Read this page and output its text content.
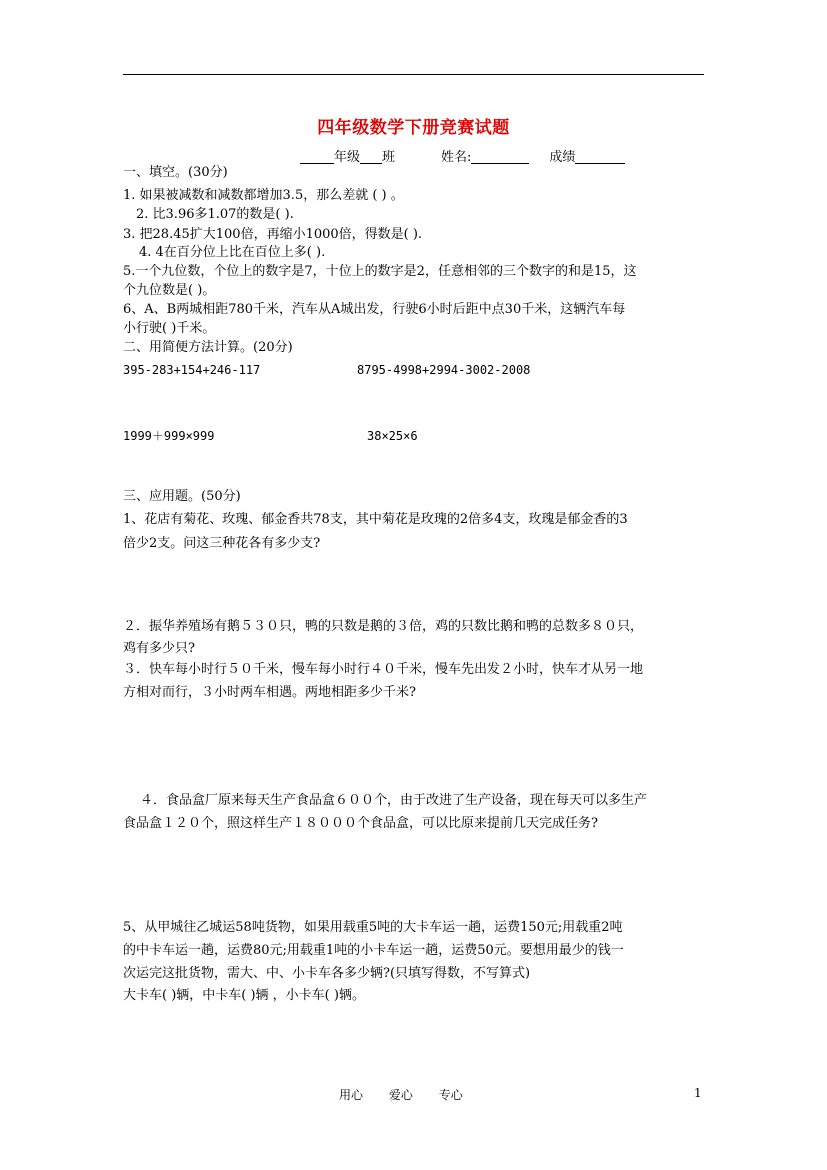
四年级数学下册竞赛试题
年级 班	姓名:	成绩
一、填空。(30分)
1. 如果被减数和减数都增加3.5，那么差就 ( ) 。
2. 比3.96多1.07的数是( ).
3. 把28.45扩大100倍，再缩小1000倍，得数是( ).
4. 4在百分位上比在百位上多( ).
5.一个九位数，个位上的数字是7，十位上的数字是2，任意相邻的三个数字的和是15，这
个九位数是( )。
6、A、B两城相距780千米，汽车从A城出发，行驶6小时后距中点30千米，这辆汽车每
小行驶( )千米。
二、用简便方法计算。(20分)
395-283+154+246-117	8795-4998+2994-3002-2008
1999＋999×999	38×25×6
三、应用题。(50分)
1、花店有菊花、玫瑰、郁金香共78支，其中菊花是玫瑰的2倍多4支，玫瑰是郁金香的3
倍少2支。问这三种花各有多少支?
２．振华养殖场有鹅５３０只，鸭的只数是鹅的３倍，鸡的只数比鹅和鸭的总数多８０只，
鸡有多少只?
３．快车每小时行５０千米，慢车每小时行４０千米，慢车先出发２小时，快车才从另一地
方相对而行，３小时两车相遇。两地相距多少千米?
４．食品盒厂原来每天生产食品盒６００个，由于改进了生产设备，现在每天可以多生产
食品盒１２０个，照这样生产１８０００个食品盒，可以比原来提前几天完成任务?
5、从甲城往乙城运58吨货物，如果用载重5吨的大卡车运一趟，运费150元;用载重2吨
的中卡车运一趟，运费80元;用载重1吨的小卡车运一趟，运费50元。要想用最少的钱一
次运完这批货物，需大、中、小卡车各多少辆?(只填写得数，不写算式)
大卡车( )辆，中卡车( )辆 ，小卡车( )辆。
用心 爱心 专心	1
